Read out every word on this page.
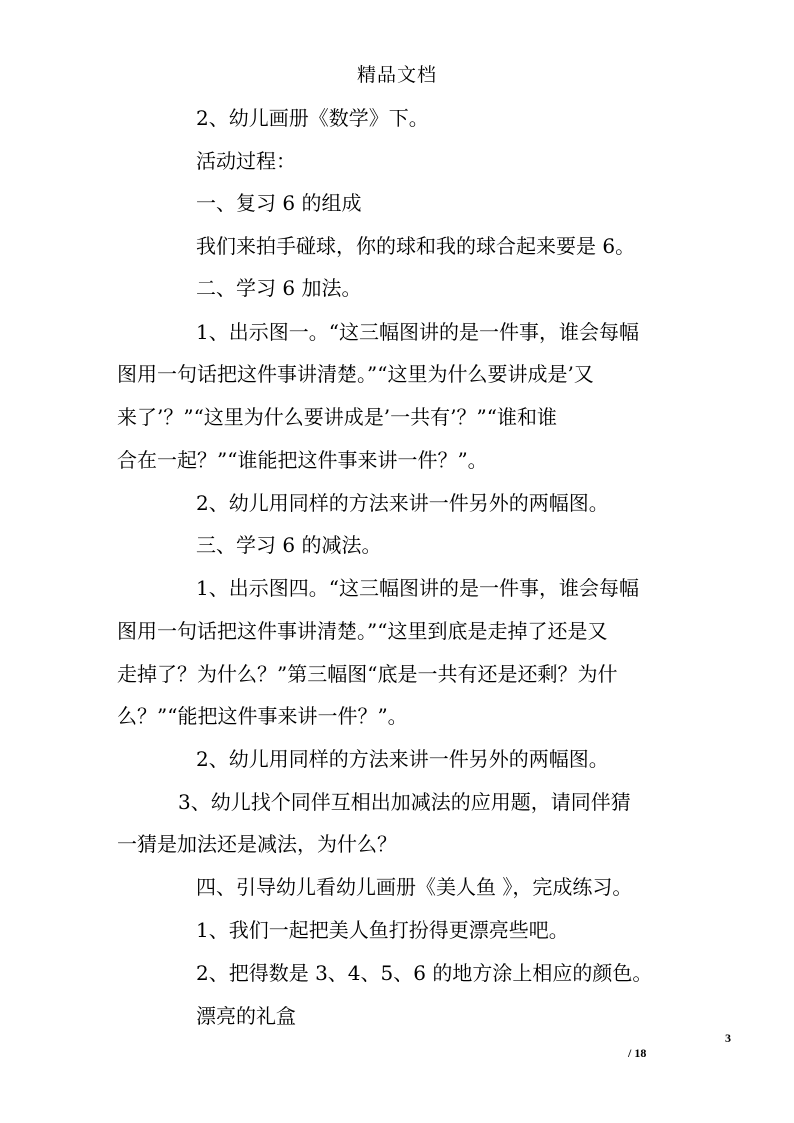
精品文档
2、幼儿画册《数学》下。
活动过程：
一、复习 6 的组成
我们来拍手碰球，你的球和我的球合起来要是 6。
二、学习 6 加法。
1、出示图一。“这三幅图讲的是一件事，谁会每幅
图用一句话把这件事讲清楚。”“这里为什么要讲成是’又
来了’？”“这里为什么要讲成是’一共有’？”“谁和谁
合在一起？”“谁能把这件事来讲一件？”。
2、幼儿用同样的方法来讲一件另外的两幅图。
三、学习 6 的减法。
1、出示图四。“这三幅图讲的是一件事，谁会每幅
图用一句话把这件事讲清楚。”“这里到底是走掉了还是又
走掉了？为什么？”第三幅图“底是一共有还是还剩？为什
么？”“能把这件事来讲一件？”。
2、幼儿用同样的方法来讲一件另外的两幅图。
3、幼儿找个同伴互相出加减法的应用题，请同伴猜
一猜是加法还是减法，为什么？
四、引导幼儿看幼儿画册《美人鱼 》，完成练习。
1、我们一起把美人鱼打扮得更漂亮些吧。
2、把得数是 3、4、5、6 的地方涂上相应的颜色。
漂亮的礼盒
3
/ 18
